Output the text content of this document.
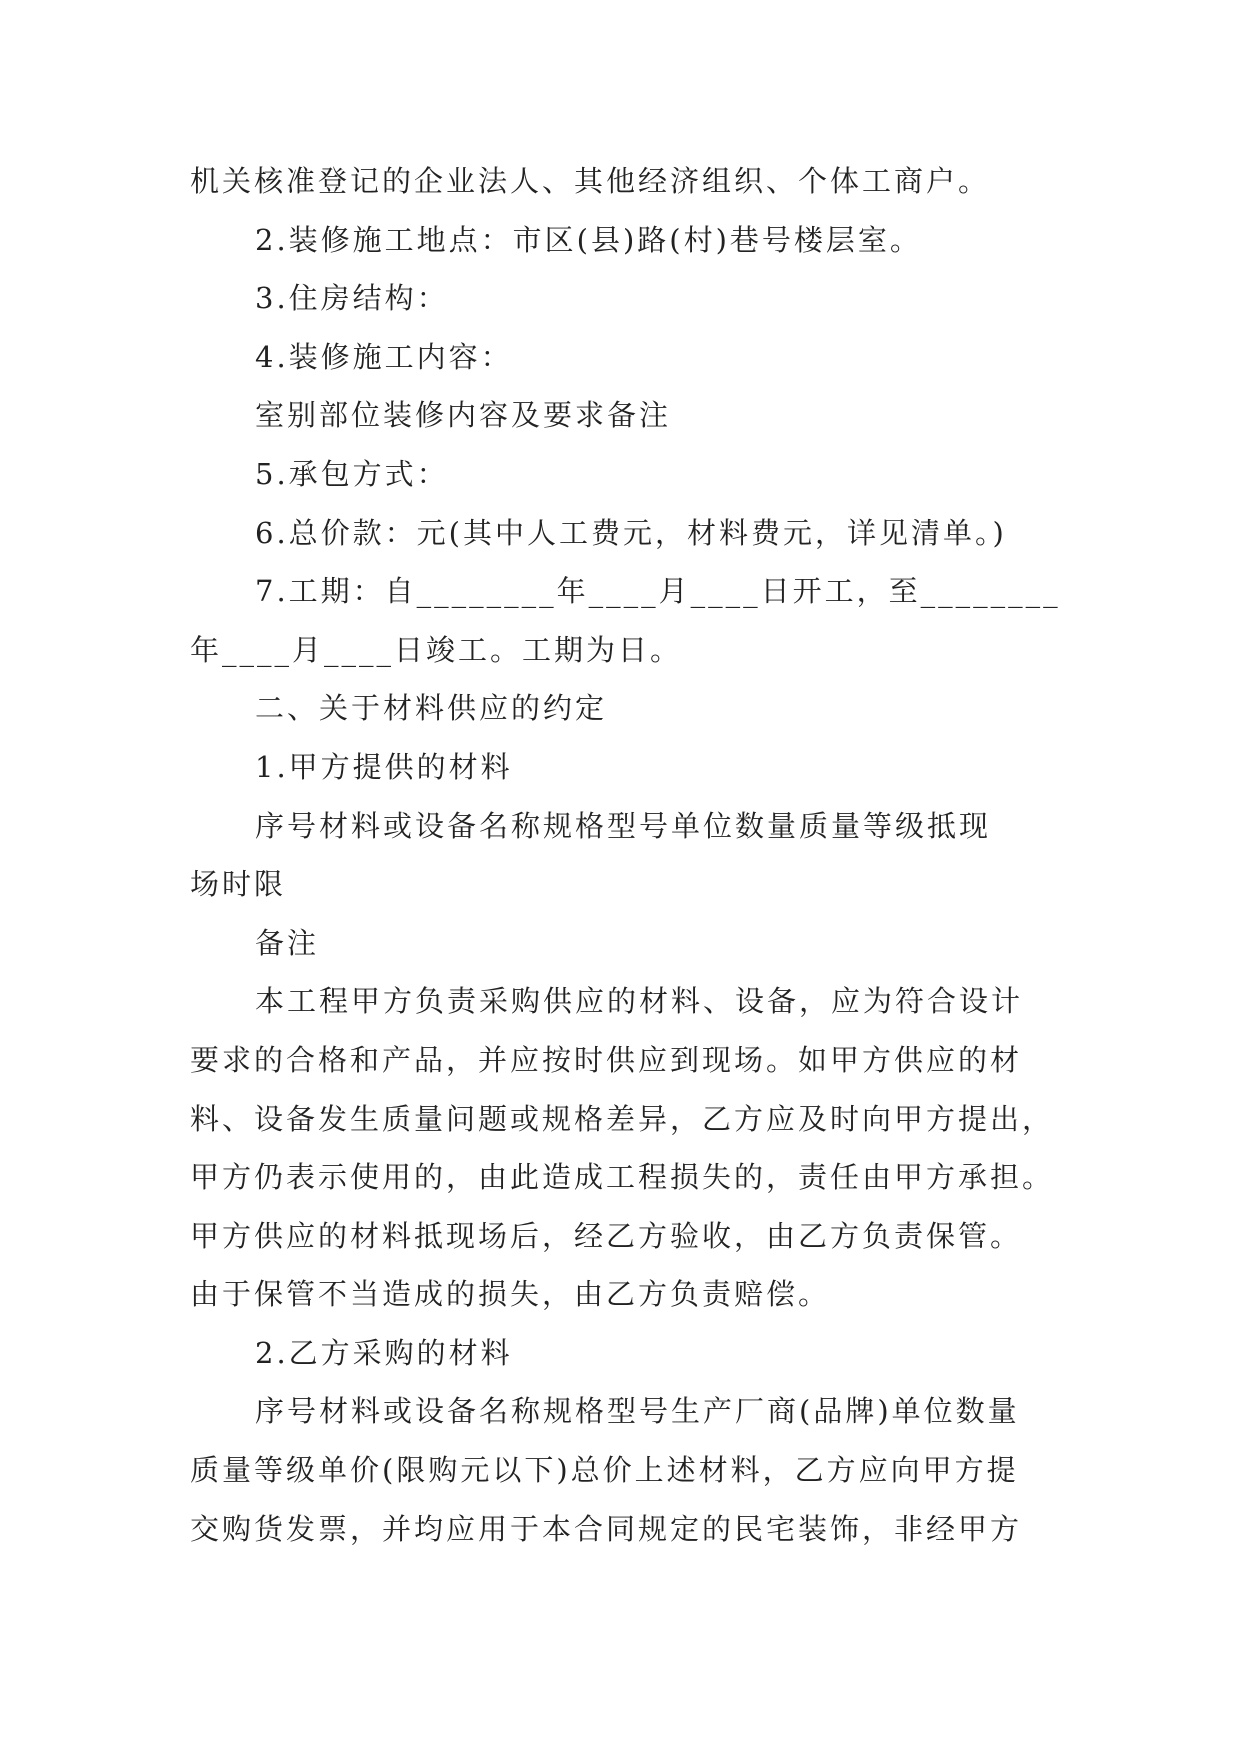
机关核准登记的企业法人、其他经济组织、个体工商户。
2.装修施工地点：市区(县)路(村)巷号楼层室。
3.住房结构：
4.装修施工内容：
室别部位装修内容及要求备注
5.承包方式：
6.总价款：元(其中人工费元，材料费元，详见清单。)
7.工期：自________年____月____日开工，至________
年____月____日竣工。工期为日。
二、关于材料供应的约定
1.甲方提供的材料
序号材料或设备名称规格型号单位数量质量等级抵现
场时限
备注
本工程甲方负责采购供应的材料、设备，应为符合设计
要求的合格和产品，并应按时供应到现场。如甲方供应的材
料、设备发生质量问题或规格差异，乙方应及时向甲方提出，
甲方仍表示使用的，由此造成工程损失的，责任由甲方承担。
甲方供应的材料抵现场后，经乙方验收，由乙方负责保管。
由于保管不当造成的损失，由乙方负责赔偿。
2.乙方采购的材料
序号材料或设备名称规格型号生产厂商(品牌)单位数量
质量等级单价(限购元以下)总价上述材料，乙方应向甲方提
交购货发票，并均应用于本合同规定的民宅装饰，非经甲方
